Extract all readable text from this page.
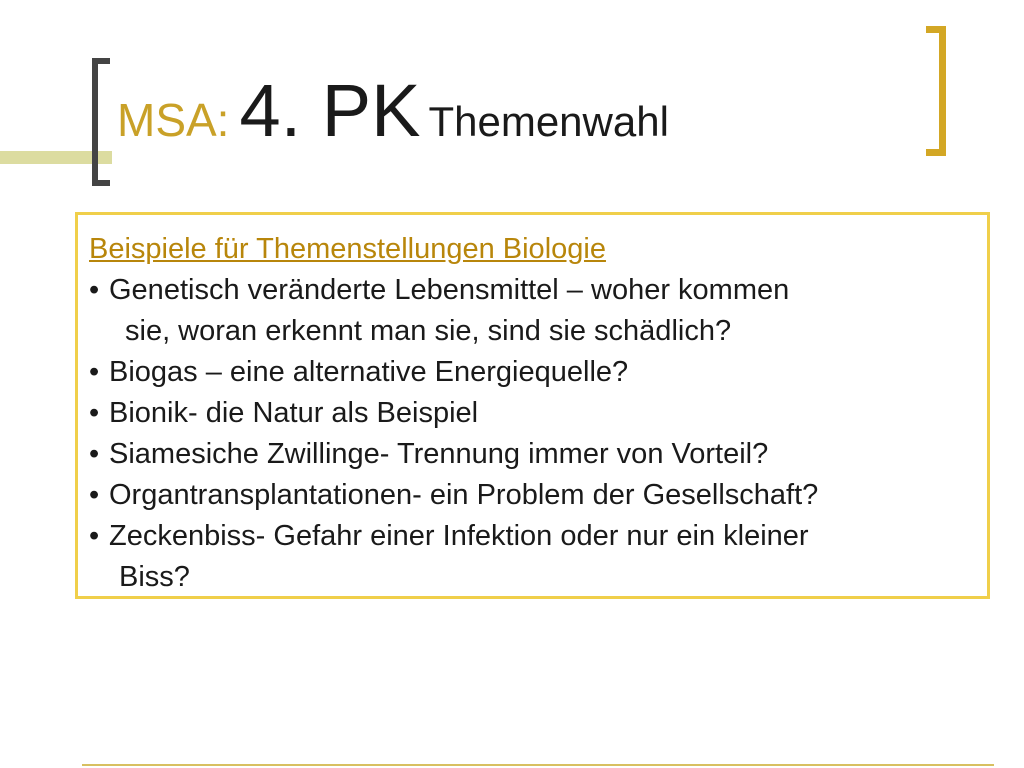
MSA: 4. PK Themenwahl
Beispiele für Themenstellungen Biologie
• Genetisch veränderte Lebensmittel – woher kommen
sie, woran erkennt man sie, sind sie schädlich?
• Biogas – eine alternative Energiequelle?
• Bionik- die Natur als Beispiel
• Siamesiche Zwillinge- Trennung immer von Vorteil?
• Organtransplantationen- ein Problem der Gesellschaft?
• Zeckenbiss- Gefahr einer Infektion oder nur ein kleiner
Biss?
